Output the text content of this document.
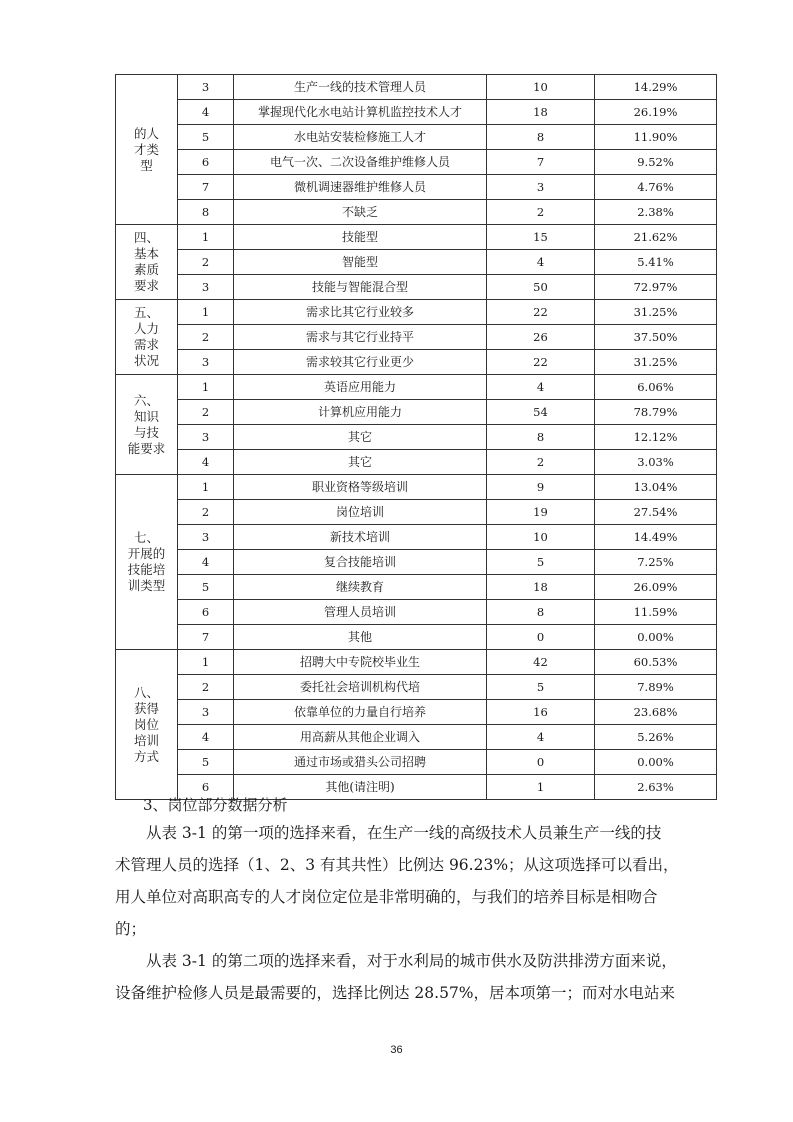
的人
才类
型	3	生产一线的技术管理人员	10	14.29%
	4	掌握现代化水电站计算机监控技术人才	18	26.19%
	5	水电站安装检修施工人才	8	11.90%
	6	电气一次、二次设备维护维修人员	7	9.52%
	7	微机调速器维护维修人员	3	4.76%
	8	不缺乏	2	2.38%

四、
基本
素质
要求	1	技能型	15	21.62%
	2	智能型	4	5.41%
	3	技能与智能混合型	50	72.97%

五、
人力
需求
状况	1	需求比其它行业较多	22	31.25%
	2	需求与其它行业持平	26	37.50%
	3	需求较其它行业更少	22	31.25%

六、
知识
与技
能要求	1	英语应用能力	4	6.06%
	2	计算机应用能力	54	78.79%
	3	其它	8	12.12%
	4	其它	2	3.03%

七、
开展的
技能培
训类型	1	职业资格等级培训	9	13.04%
	2	岗位培训	19	27.54%
	3	新技术培训	10	14.49%
	4	复合技能培训	5	7.25%
	5	继续教育	18	26.09%
	6	管理人员培训	8	11.59%
	7	其他	0	0.00%

八、
获得
岗位
培训
方式	1	招聘大中专院校毕业生	42	60.53%
	2	委托社会培训机构代培	5	7.89%
	3	依靠单位的力量自行培养	16	23.68%
	4	用高薪从其他企业调入	4	5.26%
	5	通过市场或猎头公司招聘	0	0.00%
	6	其他(请注明)	1	2.63%
3、岗位部分数据分析
从表 3-1 的第一项的选择来看，在生产一线的高级技术人员兼生产一线的技
术管理人员的选择（1、2、3 有其共性）比例达 96.23%；从这项选择可以看出，
用人单位对高职高专的人才岗位定位是非常明确的，与我们的培养目标是相吻合
的；
从表 3-1 的第二项的选择来看，对于水利局的城市供水及防洪排涝方面来说，
设备维护检修人员是最需要的，选择比例达 28.57%，居本项第一；而对水电站来
36
